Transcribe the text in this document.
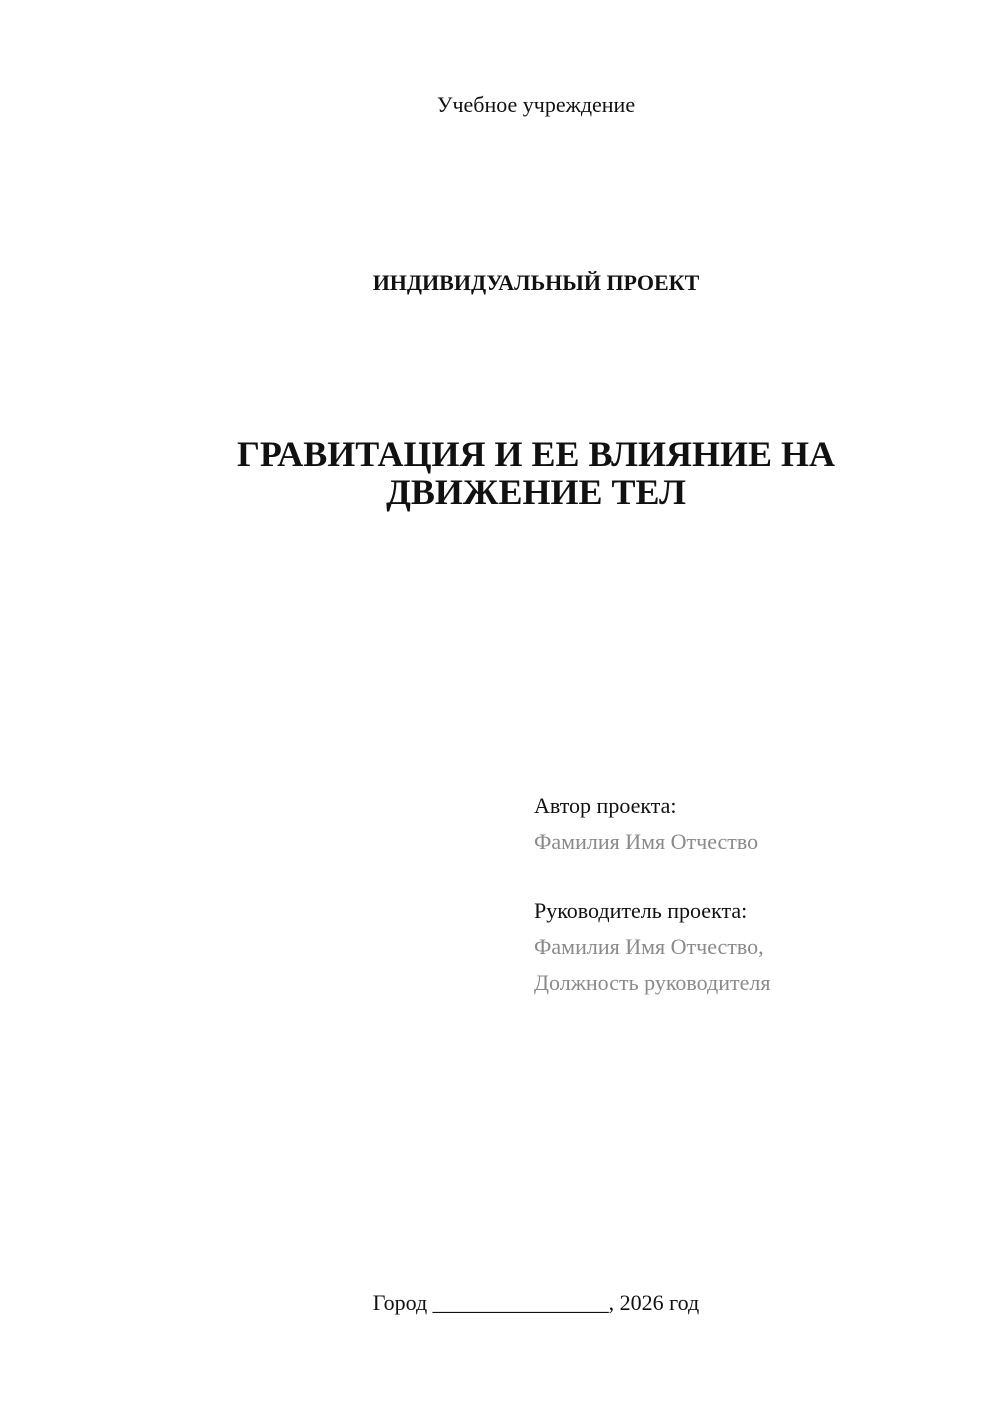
Учебное учреждение
ИНДИВИДУАЛЬНЫЙ ПРОЕКТ
ГРАВИТАЦИЯ И ЕЕ ВЛИЯНИЕ НА
ДВИЖЕНИЕ ТЕЛ
Автор проекта:
Фамилия Имя Отчество
Руководитель проекта:
Фамилия Имя Отчество,
Должность руководителя
Город ________________, 2026 год
